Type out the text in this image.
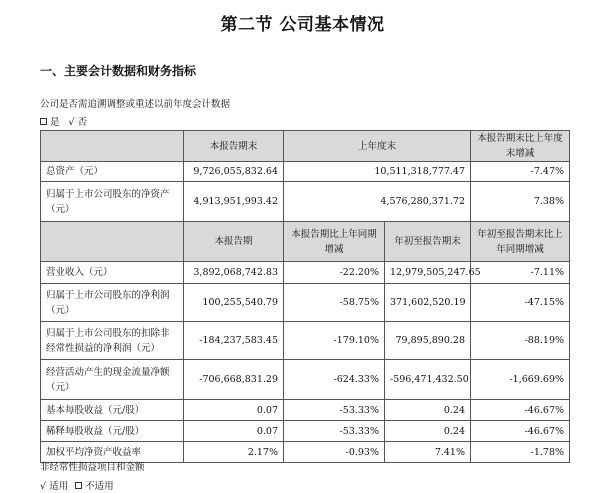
第二节 公司基本情况
一、主要会计数据和财务指标
公司是否需追溯调整或重述以前年度会计数据
是 √ 否
	本报告期末	上年度末		本报告期末比上年度末增减
总资产（元）	9,726,055,832.64	10,511,318,777.47		-7.47%
归属于上市公司股东的净资产（元）	4,913,951,993.42	4,576,280,371.72		7.38%
	本报告期	本报告期比上年同期增减	年初至报告期末	年初至报告期末比上年同期增减
营业收入（元）	3,892,068,742.83	-22.20%	12,979,505,247.65	-7.11%
归属于上市公司股东的净利润（元）	100,255,540.79	-58.75%	371,602,520.19	-47.15%
归属于上市公司股东的扣除非经常性损益的净利润（元）	-184,237,583.45	-179.10%	79,895,890.28	-88.19%
经营活动产生的现金流量净额（元）	-706,668,831.29	-624.33%	-596,471,432.50	-1,669.69%
基本每股收益（元/股）	0.07	-53.33%	0.24	-46.67%
稀释每股收益（元/股）	0.07	-53.33%	0.24	-46.67%
加权平均净资产收益率	2.17%	-0.93%	7.41%	-1.78%
非经常性损益项目和金额
√ 适用 不适用
